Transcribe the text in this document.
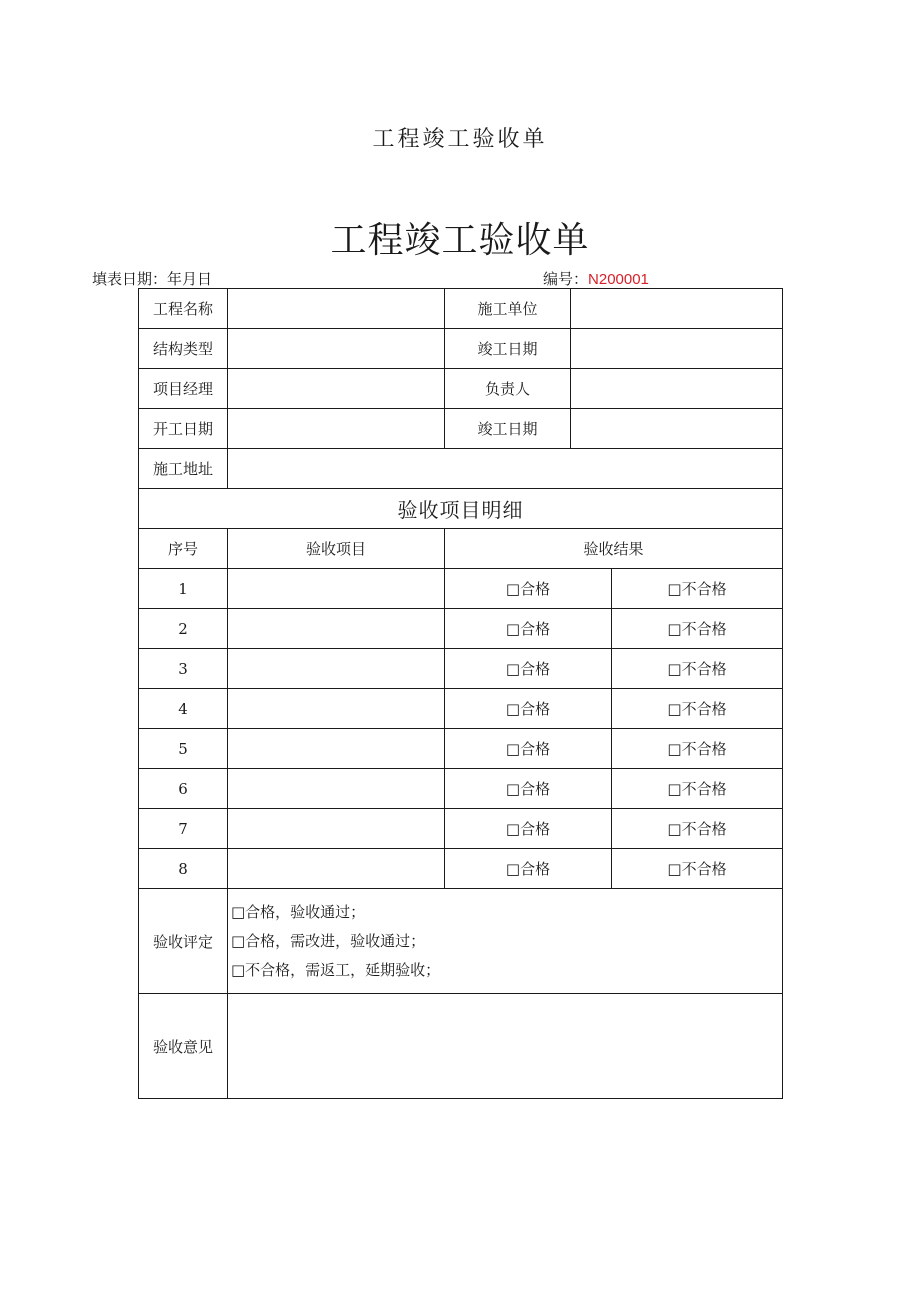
工程竣工验收单
工程竣工验收单
填表日期：年月日	编号：N200001
工程名称		施工单位		
结构类型		竣工日期		
项目经理		负责人		
开工日期		竣工日期		
施工地址				
验收项目明细				
序号	验收项目	验收结果		
1		□合格		□不合格
2		□合格		□不合格
3		□合格		□不合格
4		□合格		□不合格
5		□合格		□不合格
6		□合格		□不合格
7		□合格		□不合格
8		□合格		□不合格
验收评定	□合格，验收通过；
□合格，需改进，验收通过；
□不合格，需返工，延期验收；			

验收意见				
